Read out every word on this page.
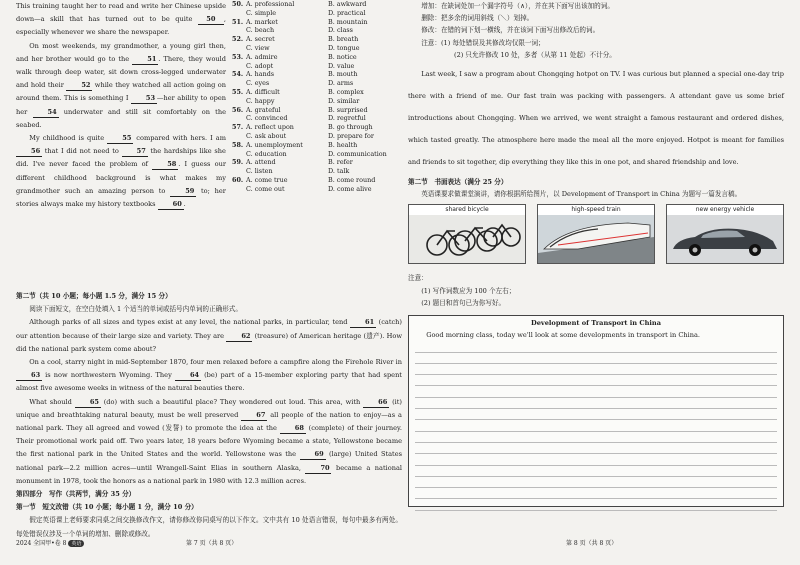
This training taught her to read and write her Chinese upside down—a skill that has turned out to be quite 50 , especially whenever we share the newspaper.

On most weekends, my grandmother, a young girl then, and her brother would go to the	51 . There, they would walk through deep water, sit down cross-legged underwater and hold their	52 while they watched all action going on around them. This is something I	53 —her ability to open her	54 underwater and still sit comfortably on the seabed.

My childhood is quite	55 compared with hers. I am 56 that I did not need to	57 the hardships like she did. I've never faced the problem of	58 . I guess our different childhood background is what makes my grandmother such an amazing person to	59 to; her stories always make my history textbooks	60 .

50. A. professional	B. awkward
C. simple	D. practical
51. A. market	B. mountain
C. beach	D. class
52. A. secret	B. breath
C. view	D. tongue
53. A. admire	B. notice
C. adopt	D. value
54. A. hands	B. mouth
C. eyes	D. arms
55. A. difficult	B. complex
C. happy	D. similar
56. A. grateful	B. surprised
C. convinced	D. regretful
57. A. reflect upon	B. go through
C. ask about	D. prepare for
58. A. unemployment	B. health
C. education	D. communication
59. A. attend	B. refer
C. listen	D. talk
60. A. come true	B. come round
C. come out	D. come alive

第二节（共 10 小题；每小题 1.5 分，满分 15 分）

阅读下面短文，在空白处填入 1 个适当的单词或括号内单词的正确形式。

Although parks of all sizes and types exist at any level, the national parks, in particular, tend	61 (catch) our attention because of their large size and variety. They are	62 (treasure) of American heritage (遗产). How did the national park system come about?

On a cool, starry night in mid-September 1870, four men relaxed before a campfire along the Firehole River in 63 is now northwestern Wyoming. They	64 (be) part of a 15-member exploring party that had spent almost five awesome weeks in witness of the natural beauties there.

What should	65 (do) with such a beautiful place? They wondered out loud. This area, with	66 (it) unique and breathtaking natural beauty, must be well preserved	67 all people of the nation to enjoy—as a national park. They all agreed and vowed (发誓) to promote the idea at the	68 (complete) of their journey. Their promotional work paid off. Two years later, 18 years before Wyoming became a state, Yellowstone became the first national park in the United States and the world. Yellowstone was the	69 (large) United States national park—2.2 million acres—until Wrangell-Saint Elias in southern Alaska,	70 became a national monument in 1978, took the honors as a national park in 1980 with 12.3 million acres.

第四部分　写作（共两节，满分 35 分）

第一节　短文改错（共 10 小题；每小题 1 分，满分 10 分）

假定英语课上老师要求同桌之间交换修改作文，请你修改你同桌写的以下作文。文中共有 10 处语言错误，每句中最多有两处。每处错误仅涉及一个单词的增加、删除或修改。

2024 全国甲•卷 8 英语	第 7 页（共 8 页）	第 8 页（共 8 页）

增加：在缺词处加一个漏字符号（∧），并在其下面写出该加的词。

删除：把多余的词用斜线（＼）划掉。

修改：在错的词下划一横线，并在该词下面写出修改后的词。

注意：(1) 每处错误及其修改均仅限一词；

(2) 只允许修改 10 处，多者（从第 11 处起）不计分。

Last week, I saw a program about Chongqing hotpot on TV. I was curious but planned a special one-day trip there with a friend of me. Our fast train was packing with passengers. A attendant gave us some brief introductions about Chongqing. When we arrived, we went straight a famous restaurant and ordered dishes, which tasted greatly. The atmosphere here made the meal all the more enjoyed. Hotpot is meant for families and friends to sit together, dip everything they like this in one pot, and shared friendship and love.

第二节　书面表达（满分 25 分）

英语课要求做课堂演讲，请你根据所给图片，以 Development of Transport in China 为题写一篇发言稿。

shared bicycle	high-speed train	new energy vehicle

注意：

(1) 写作词数应为 100 个左右；

(2) 题目和首句已为你写好。

Development of Transport in China

Good morning class, today we'll look at some developments in transport in China.
